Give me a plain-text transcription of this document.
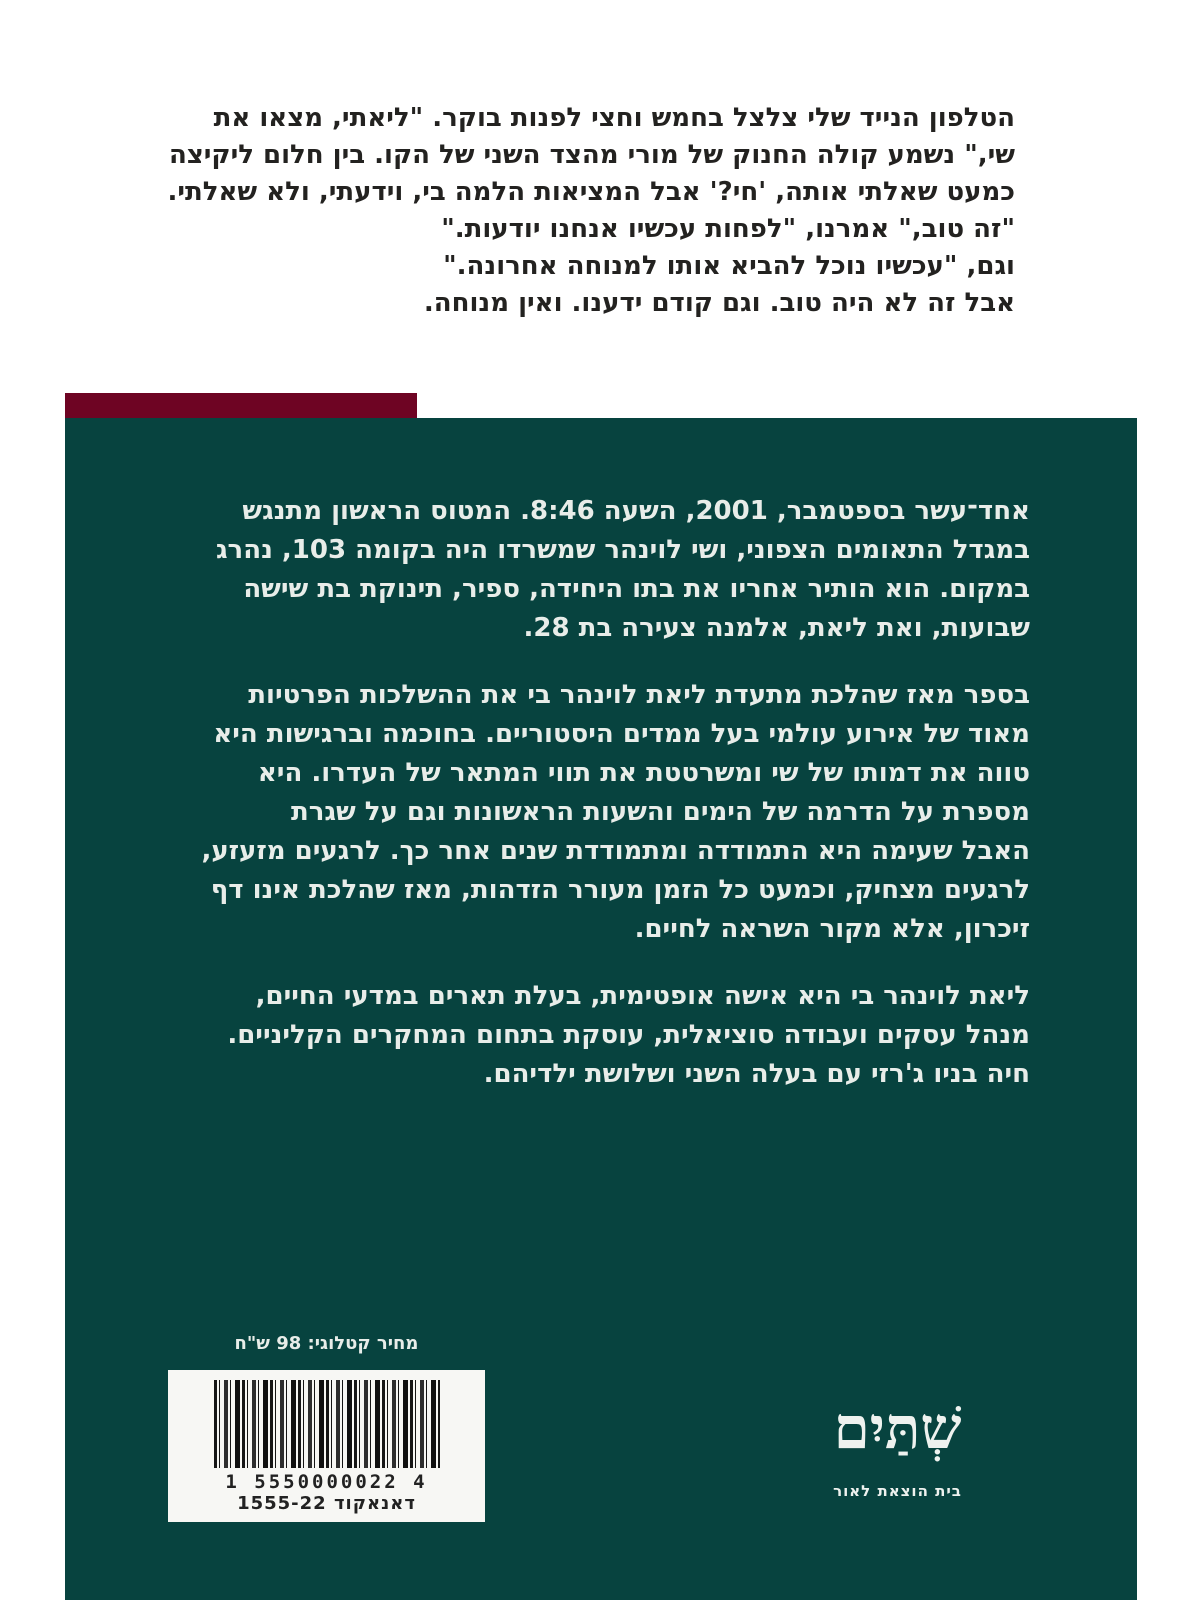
הטלפון הנייד שלי צלצל בחמש וחצי לפנות בוקר. "ליאתי, מצאו את
שי," נשמע קולה החנוק של מורי מהצד השני של הקו. בין חלום ליקיצה
כמעט שאלתי אותה, 'חי?' אבל המציאות הלמה בי, וידעתי, ולא שאלתי.
"זה טוב," אמרנו, "לפחות עכשיו אנחנו יודעות."
וגם, "עכשיו נוכל להביא אותו למנוחה אחרונה."
אבל זה לא היה טוב. וגם קודם ידענו. ואין מנוחה.
אחד־עשר בספטמבר, 2001, השעה 8:46. המטוס הראשון מתנגש
במגדל התאומים הצפוני, ושי לוינהר שמשרדו היה בקומה 103, נהרג
במקום. הוא הותיר אחריו את בתו היחידה, ספיר, תינוקת בת שישה
שבועות, ואת ליאת, אלמנה צעירה בת 28.
בספר מאז שהלכת מתעדת ליאת לוינהר בי את ההשלכות הפרטיות
מאוד של אירוע עולמי בעל ממדים היסטוריים. בחוכמה וברגישות היא
טווה את דמותו של שי ומשרטטת את תווי המתאר של העדרו. היא
מספרת על הדרמה של הימים והשעות הראשונות וגם על שגרת
האבל שעימה היא התמודדה ומתמודדת שנים אחר כך. לרגעים מזעזע,
לרגעים מצחיק, וכמעט כל הזמן מעורר הזדהות, מאז שהלכת אינו דף
זיכרון, אלא מקור השראה לחיים.
ליאת לוינהר בי היא אישה אופטימית, בעלת תארים במדעי החיים,
מנהל עסקים ועבודה סוציאלית, עוסקת בתחום המחקרים הקליניים.
חיה בניו ג'רזי עם בעלה השני ושלושת ילדיהם.
מחיר קטלוגי: 98 ש"ח
1 5550000022 4
דאנאקוד 1555-22
שְׁתַּיִם
בית הוצאת לאור
